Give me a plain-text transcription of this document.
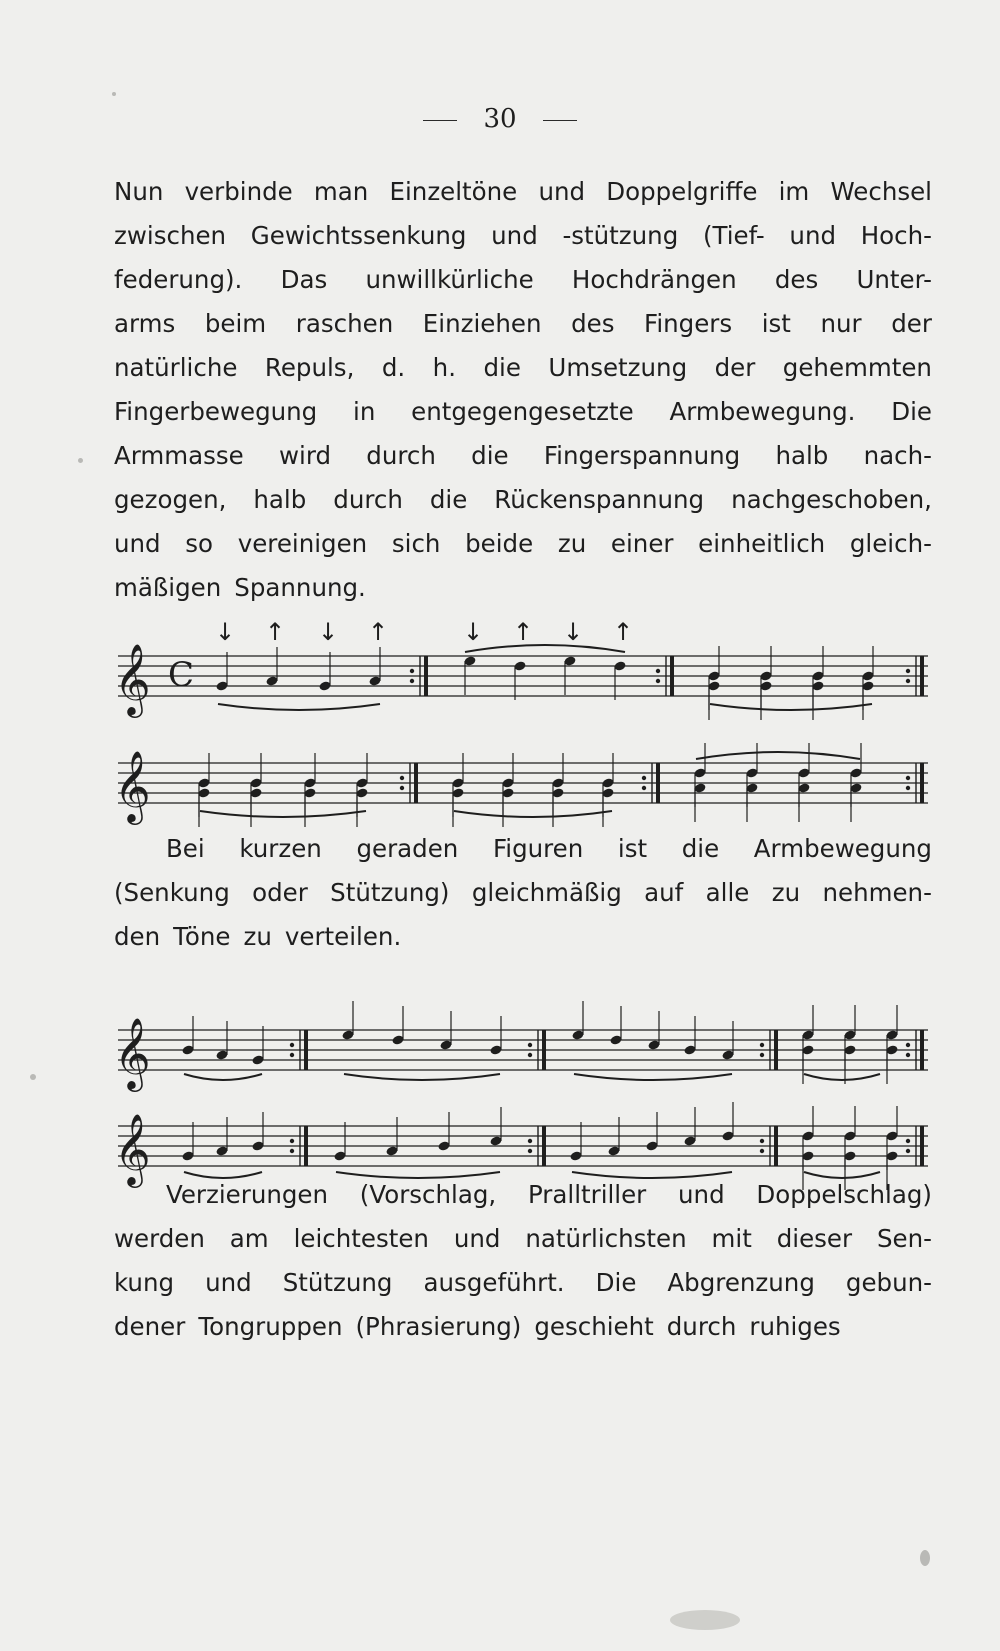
30
Nun verbinde man Einzeltöne und Doppelgriffe im Wechsel
zwischen Gewichtssenkung und -stützung (Tief- und Hoch-
federung). Das unwillkürliche Hochdrängen des Unter-
arms beim raschen Einziehen des Fingers ist nur der
natürliche Repuls, d. h. die Umsetzung der gehemmten
Fingerbewegung in entgegengesetzte Armbewegung. Die
Armmasse wird durch die Fingerspannung halb nach-
gezogen, halb durch die Rückenspannung nachgeschoben,
und so vereinigen sich beide zu einer einheitlich gleich-
mäßigen Spannung.
Bei kurzen geraden Figuren ist die Armbewegung
(Senkung oder Stützung) gleichmäßig auf alle zu nehmen-
den Töne zu verteilen.
Verzierungen (Vorschlag, Pralltriller und Doppelschlag)
werden am leichtesten und natürlichsten mit dieser Sen-
kung und Stützung ausgeführt. Die Abgrenzung gebun-
dener Tongruppen (Phrasierung) geschieht durch ruhiges
𝄞 C
↓ ↑ ↓ ↑	↓ ↑ ↓ ↑
𝄞
𝄞
𝄞
